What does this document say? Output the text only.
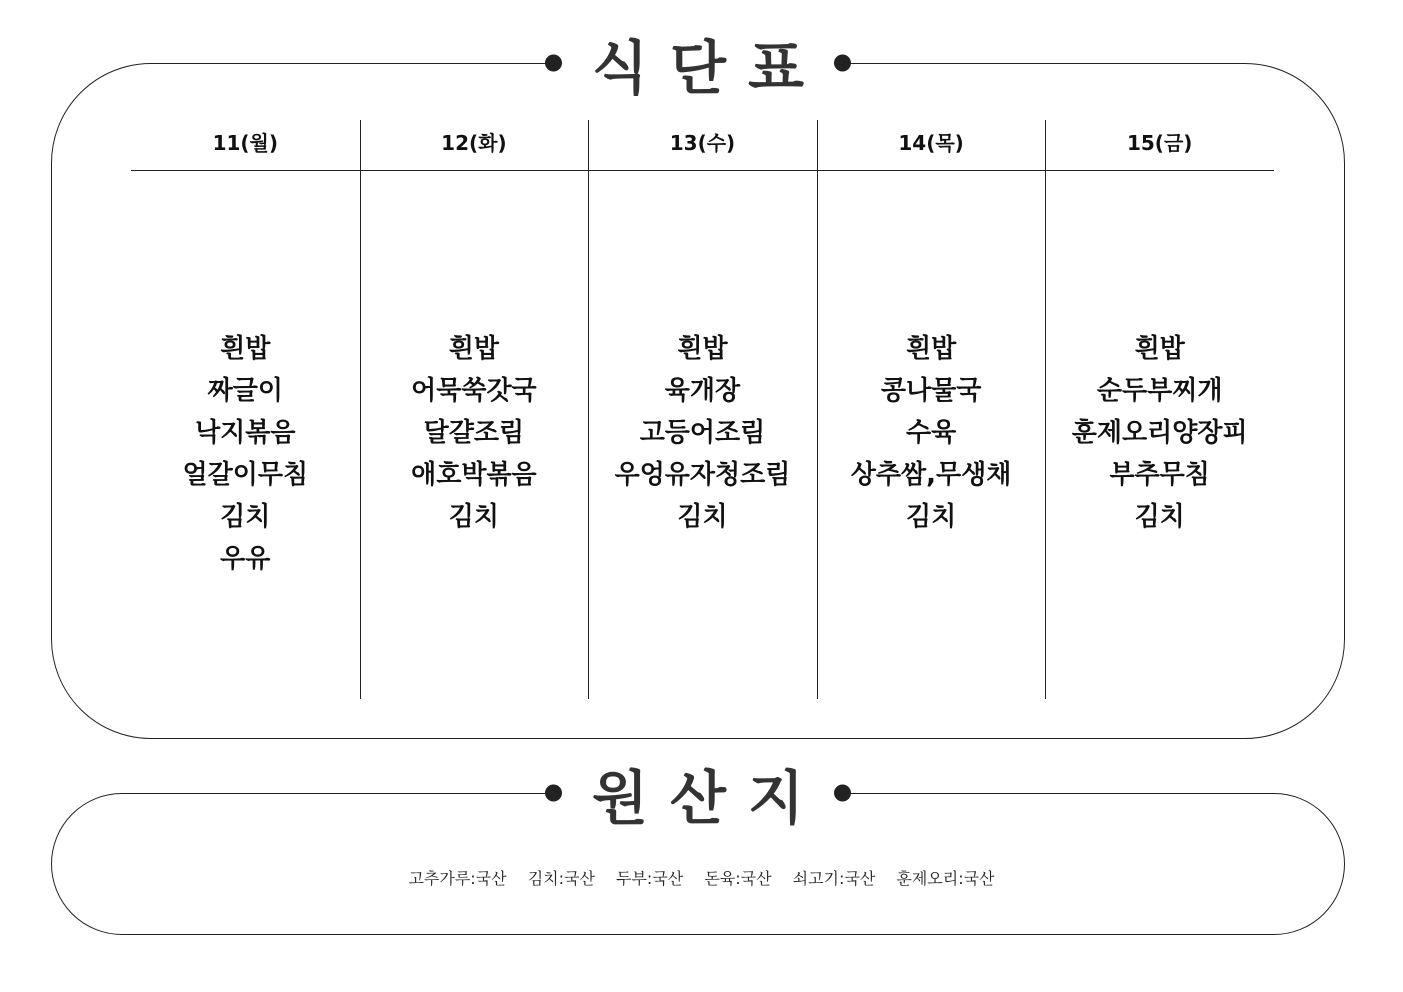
식단표
11(월)
흰밥
짜글이
낙지볶음
얼갈이무침
김치
우유
12(화)
흰밥
어묵쑥갓국
달걀조림
애호박볶음
김치
13(수)
흰밥
육개장
고등어조림
우엉유자청조림
김치
14(목)
흰밥
콩나물국
수육
상추쌈,무생채
김치
15(금)
흰밥
순두부찌개
훈제오리양장피
부추무침
김치
원산지
고추가루:국산 김치:국산 두부:국산 돈육:국산 쇠고기:국산 훈제오리:국산
